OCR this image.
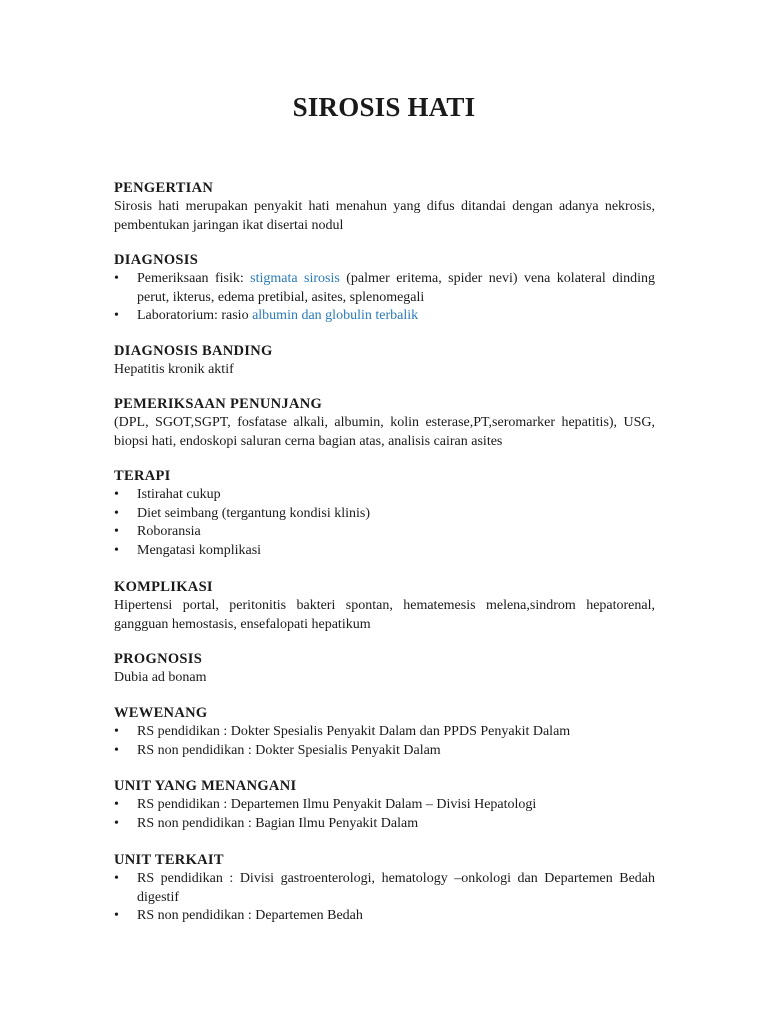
SIROSIS HATI
PENGERTIAN

Sirosis hati merupakan penyakit hati menahun yang difus ditandai dengan adanya nekrosis, pembentukan jaringan ikat disertai nodul

DIAGNOSIS
• Pemeriksaan fisik: stigmata sirosis (palmer eritema, spider nevi) vena kolateral dinding perut, ikterus, edema pretibial, asites, splenomegali
• Laboratorium: rasio albumin dan globulin terbalik
DIAGNOSIS BANDING

Hepatitis kronik aktif

PEMERIKSAAN PENUNJANG

(DPL, SGOT,SGPT, fosfatase alkali, albumin, kolin esterase,PT,seromarker hepatitis), USG, biopsi hati, endoskopi saluran cerna bagian atas, analisis cairan asites

TERAPI
• Istirahat cukup
• Diet seimbang (tergantung kondisi klinis)
• Roboransia
• Mengatasi komplikasi
KOMPLIKASI

Hipertensi portal, peritonitis bakteri spontan, hematemesis melena,sindrom hepatorenal, gangguan hemostasis, ensefalopati hepatikum

PROGNOSIS

Dubia ad bonam

WEWENANG
• RS pendidikan : Dokter Spesialis Penyakit Dalam dan PPDS Penyakit Dalam
• RS non pendidikan : Dokter Spesialis Penyakit Dalam
UNIT YANG MENANGANI
• RS pendidikan : Departemen Ilmu Penyakit Dalam – Divisi Hepatologi
• RS non pendidikan : Bagian Ilmu Penyakit Dalam
UNIT TERKAIT
• RS pendidikan : Divisi gastroenterologi, hematology –onkologi dan Departemen Bedah digestif
• RS non pendidikan : Departemen Bedah
